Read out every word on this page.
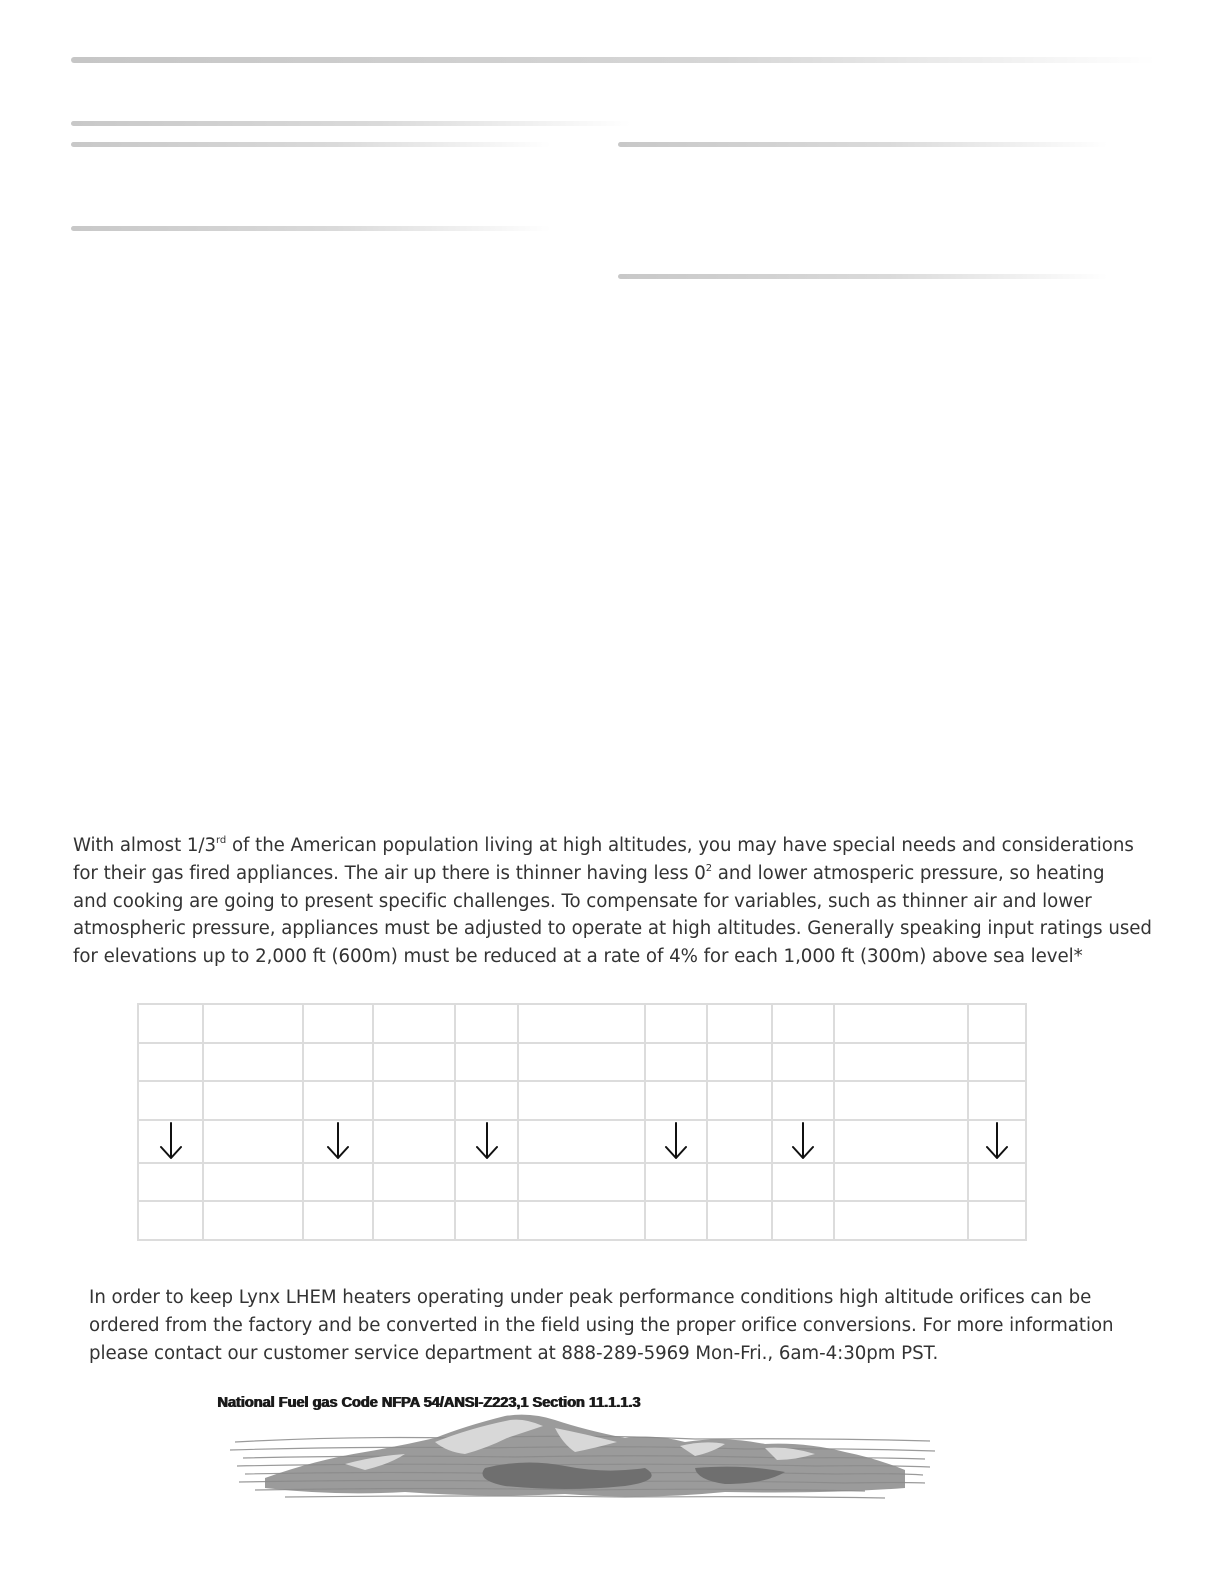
With almost 1/3rd of the American population living at high altitudes, you may have special needs and considerations
for their gas fired appliances. The air up there is thinner having less $0^2$ and lower atmosperic pressure, so heating
and cooking are going to present specific challenges. To compensate for variables, such as thinner air and lower
atmospheric pressure, appliances must be adjusted to operate at high altitudes. Generally speaking input ratings used
for elevations up to 2,000 ft (600m) must be reduced at a rate of 4% for each 1,000 ft (300m) above sea level*

In order to keep Lynx LHEM heaters operating under peak performance conditions high altitude orifices can be
ordered from the factory and be converted in the field using the proper orifice conversions. For more information
please contact our customer service department at 888-289-5969 Mon-Fri., 6am-4:30pm PST.
National Fuel gas Code NFPA 54/ANSI-Z223,1 Section 11.1.1.3
